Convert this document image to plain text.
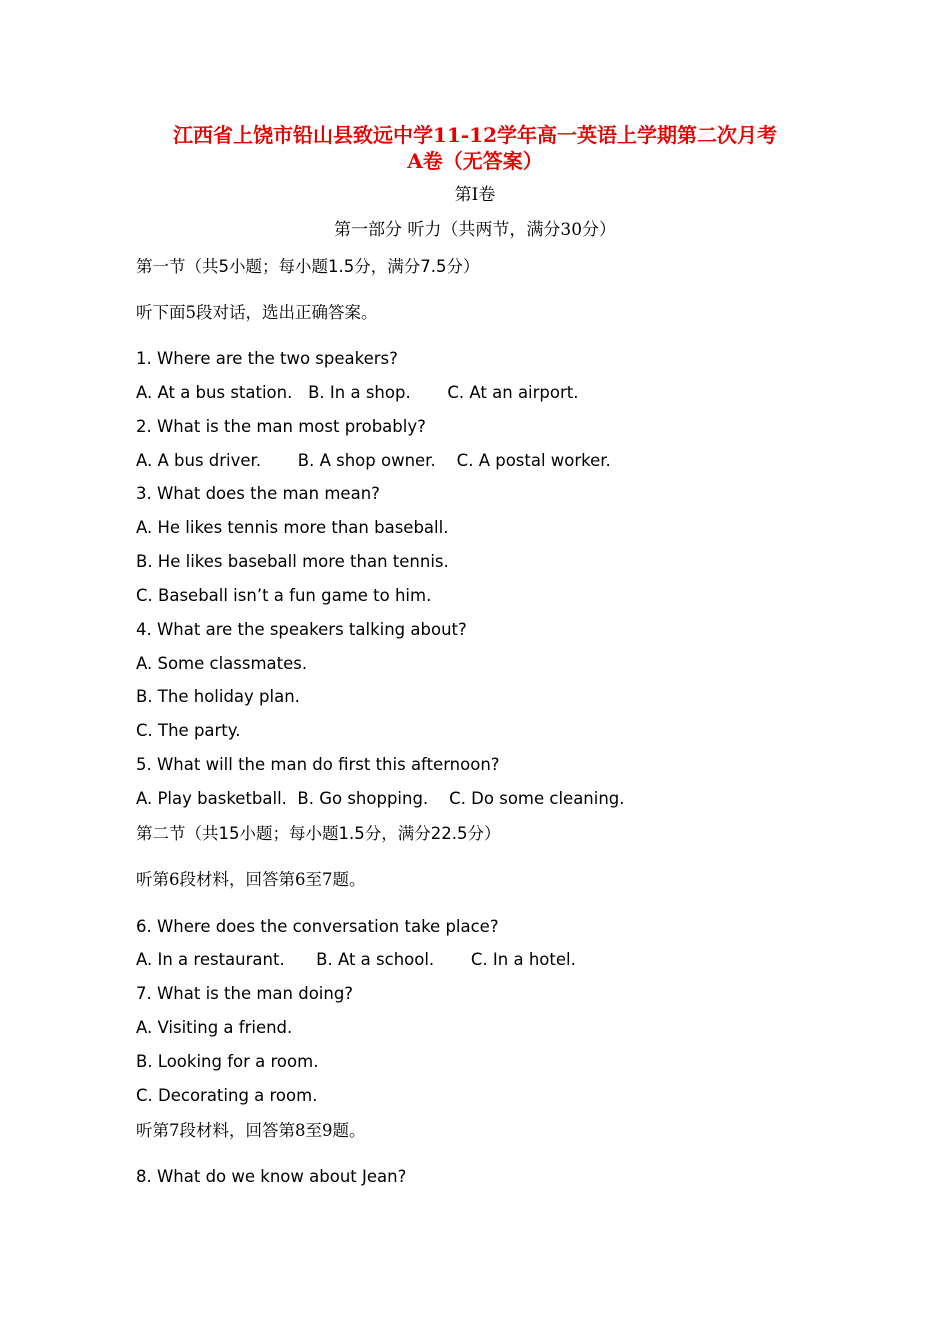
江西省上饶市铅山县致远中学11-12学年高一英语上学期第二次月考
A卷（无答案）
第Ⅰ卷
第一部分 听力（共两节，满分30分）
第一节（共5小题；每小题1.5分，满分7.5分）
听下面5段对话，选出正确答案。
1. Where are the two speakers?
A. At a bus station.   B. In a shop.       C. At an airport.
2. What is the man most probably?
A. A bus driver.       B. A shop owner.    C. A postal worker.
3. What does the man mean?
A. He likes tennis more than baseball.
B. He likes baseball more than tennis.
C. Baseball isn’t a fun game to him.
4. What are the speakers talking about?
A. Some classmates.
B. The holiday plan.
C. The party.
5. What will the man do first this afternoon?
A. Play basketball.  B. Go shopping.    C. Do some cleaning.
第二节（共15小题；每小题1.5分，满分22.5分）
听第6段材料，回答第6至7题。
6. Where does the conversation take place?
A. In a restaurant.      B. At a school.       C. In a hotel.
7. What is the man doing?
A. Visiting a friend.
B. Looking for a room.
C. Decorating a room.
听第7段材料，回答第8至9题。
8. What do we know about Jean?
